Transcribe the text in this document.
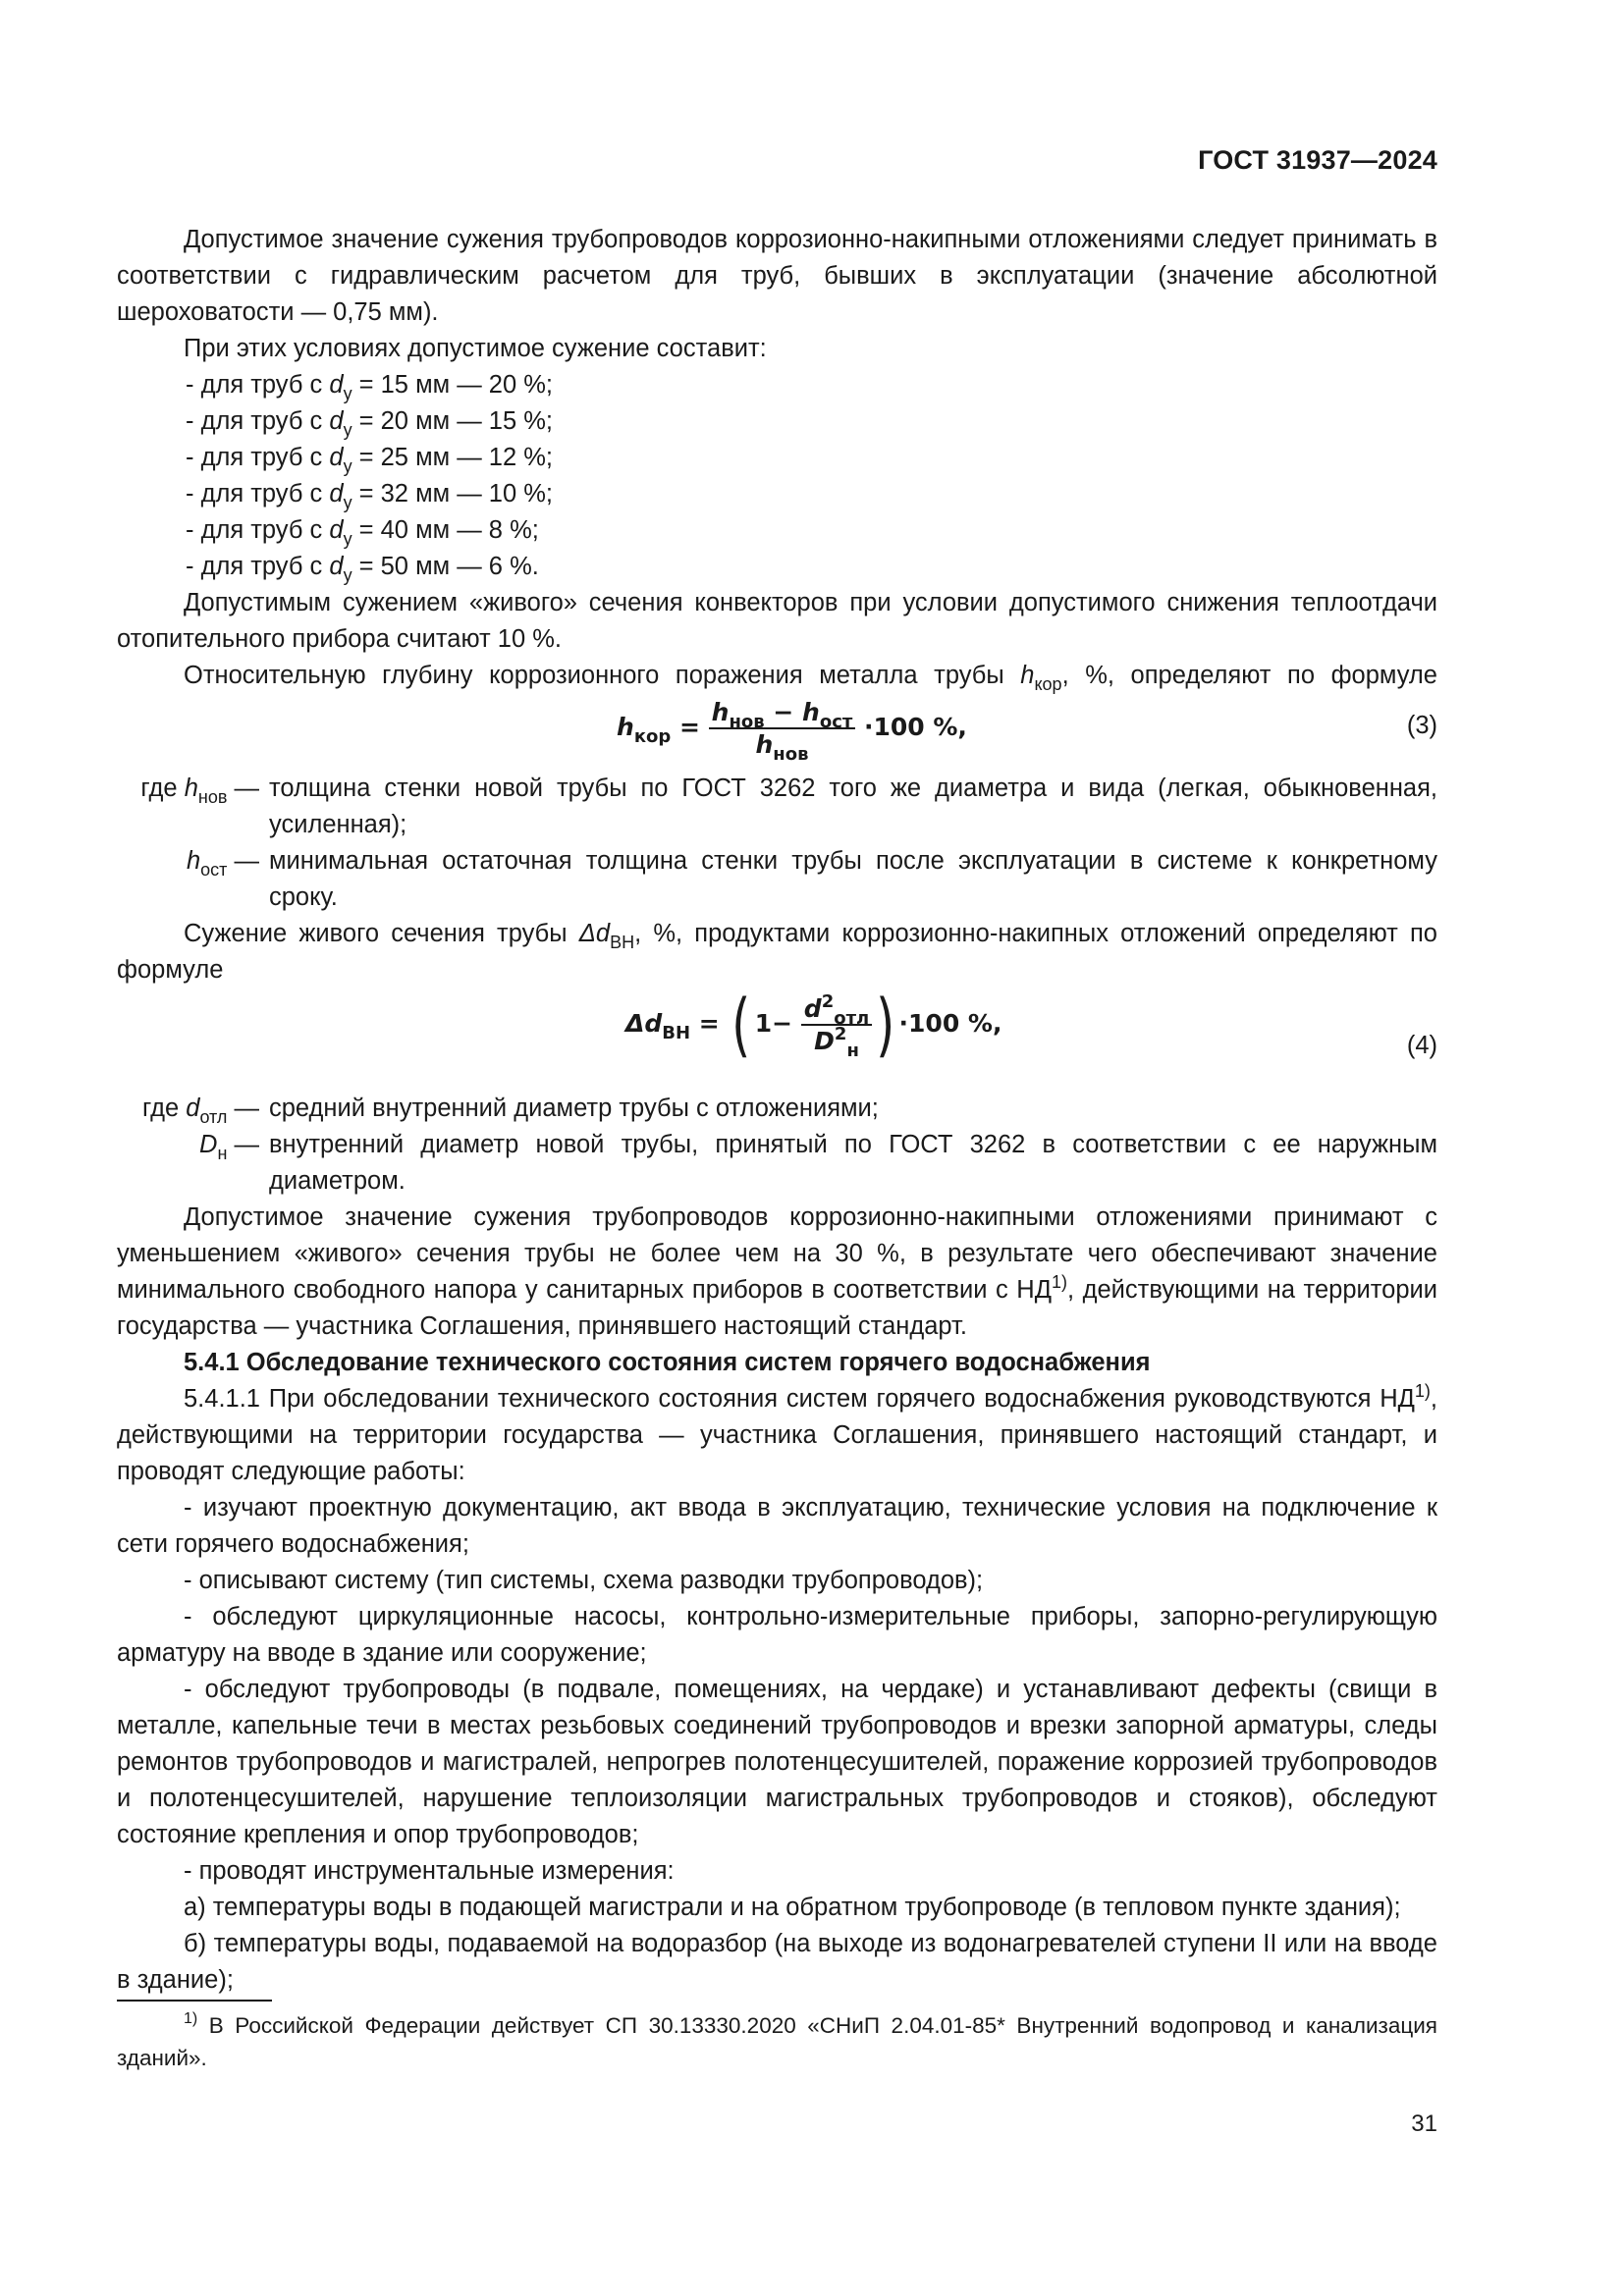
ГОСТ 31937—2024

Допустимое значение сужения трубопроводов коррозионно-накипными отложениями следует принимать в соответствии с гидравлическим расчетом для труб, бывших в эксплуатации (значение абсолютной шероховатости — 0,75 мм).

При этих условиях допустимое сужение составит:

- для труб с $d_у = 15$ мм — 20 %;

- для труб с $d_у = 20$ мм — 15 %;

- для труб с $d_у = 25$ мм — 12 %;

- для труб с $d_у = 32$ мм — 10 %;

- для труб с $d_у = 40$ мм — 8 %;

- для труб с $d_у = 50$ мм — 6 %.

Допустимым сужением «живого» сечения конвекторов при условии допустимого снижения теплоотдачи отопительного прибора считают 10 %.

Относительную глубину коррозионного поражения металла трубы $h_{кор}$, %, определяют по формуле

$h_{кор} = \frac{h_{нов} - h_{ост}}{h_{нов}} \cdot 100$ %,	(3)
где $h_{нов}$ — толщина стенки новой трубы по ГОСТ 3262 того же диаметра и вида (легкая, обыкновенная, усиленная);
$h_{ост}$ — минимальная остаточная толщина стенки трубы после эксплуатации в системе к конкретному сроку.

Сужение живого сечения трубы $\Delta d_{ВН}$, %, продуктами коррозионно-накипных отложений определяют по формуле

$\Delta d_{ВН}$ = ( $1- \frac{d^2_{отл}}{D^2_н}$ ) ·100 %,
(4)
где $d_{отл}$ — средний внутренний диаметр трубы с отложениями;
$D_н$ — внутренний диаметр новой трубы, принятый по ГОСТ 3262 в соответствии с ее наружным диаметром.

Допустимое значение сужения трубопроводов коррозионно-накипными отложениями принимают с уменьшением «живого» сечения трубы не более чем на 30 %, в результате чего обеспечивают значение минимального свободного напора у санитарных приборов в соответствии с НД$^{1)}$, действующими на территории государства — участника Соглашения, принявшего настоящий стандарт.

5.4.1 Обследование технического состояния систем горячего водоснабжения

5.4.1.1 При обследовании технического состояния систем горячего водоснабжения руководствуются НД$^{1)}$, действующими на территории государства — участника Соглашения, принявшего настоящий стандарт, и проводят следующие работы:

- изучают проектную документацию, акт ввода в эксплуатацию, технические условия на подключение к сети горячего водоснабжения;

- описывают систему (тип системы, схема разводки трубопроводов);

- обследуют циркуляционные насосы, контрольно-измерительные приборы, запорно-регулирующую арматуру на вводе в здание или сооружение;

- обследуют трубопроводы (в подвале, помещениях, на чердаке) и устанавливают дефекты (свищи в металле, капельные течи в местах резьбовых соединений трубопроводов и врезки запорной арматуры, следы ремонтов трубопроводов и магистралей, непрогрев полотенцесушителей, поражение коррозией трубопроводов и полотенцесушителей, нарушение теплоизоляции магистральных трубопроводов и стояков), обследуют состояние крепления и опор трубопроводов;

- проводят инструментальные измерения:

а) температуры воды в подающей магистрали и на обратном трубопроводе (в тепловом пункте здания);

б) температуры воды, подаваемой на водоразбор (на выходе из водонагревателей ступени II или на вводе в здание);

$^{1)}$ В Российской Федерации действует СП 30.13330.2020 «СНиП 2.04.01-85* Внутренний водопровод и канализация зданий».
31
